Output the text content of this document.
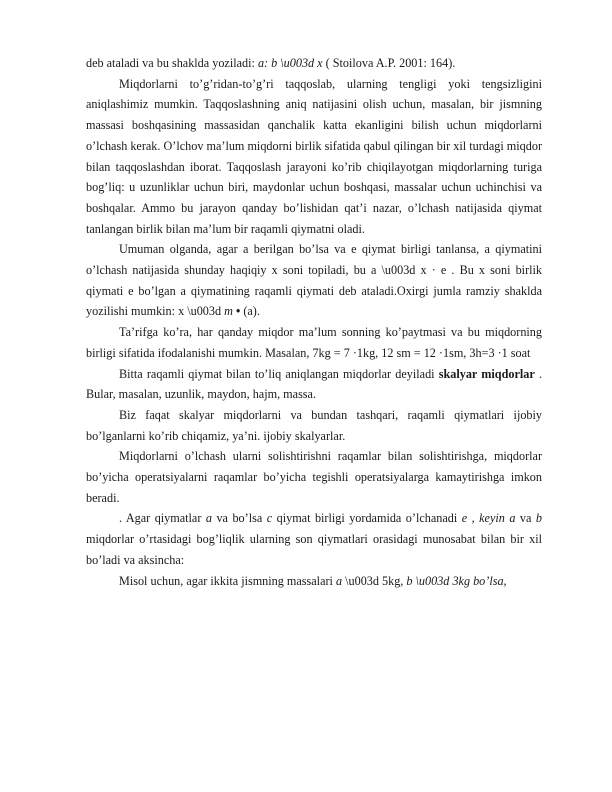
deb ataladi va bu shaklda yoziladi: a: b \u003d x ( Stoilova A.P. 2001: 164).

Miqdorlarni to’g’ridan-to’g’ri taqqoslab, ularning tengligi yoki tengsizligini aniqlashimiz mumkin. Taqqoslashning aniq natijasini olish uchun, masalan, bir jismning massasi boshqasining massasidan qanchalik katta ekanligini bilish uchun miqdorlarni o’lchash kerak. O’lchov ma’lum miqdorni birlik sifatida qabul qilingan bir xil turdagi miqdor bilan taqqoslashdan iborat. Taqqoslash jarayoni ko’rib chiqilayotgan miqdorlarning turiga bog’liq: u uzunliklar uchun biri, maydonlar uchun boshqasi, massalar uchun uchinchisi va boshqalar. Ammo bu jarayon qanday bo’lishidan qat’i nazar, o’lchash natijasida qiymat tanlangan birlik bilan ma’lum bir raqamli qiymatni oladi.

Umuman olganda, agar a berilgan bo’lsa va e qiymat birligi tanlansa, a qiymatini o’lchash natijasida shunday haqiqiy x soni topiladi, bu a \u003d x · e . Bu x soni birlik qiymati e bo’lgan a qiymatining raqamli qiymati deb ataladi.Oxirgi jumla ramziy shaklda yozilishi mumkin: x \u003d m • (a).

Ta’rifga ko’ra, har qanday miqdor ma’lum sonning ko’paytmasi va bu miqdorning birligi sifatida ifodalanishi mumkin. Masalan, 7kg = 7 ·1kg, 12 sm = 12 ·1sm, 3h=3 ·1 soat

Bitta raqamli qiymat bilan to’liq aniqlangan miqdorlar deyiladi skalyar miqdorlar . Bular, masalan, uzunlik, maydon, hajm, massa.

Biz faqat skalyar miqdorlarni va bundan tashqari, raqamli qiymatlari ijobiy bo’lganlarni ko’rib chiqamiz, ya’ni. ijobiy skalyarlar.

Miqdorlarni o’lchash ularni solishtirishni raqamlar bilan solishtirishga, miqdorlar bo’yicha operatsiyalarni raqamlar bo’yicha tegishli operatsiyalarga kamaytirishga imkon beradi.

. Agar qiymatlar a va bo’lsa c qiymat birligi yordamida o’lchanadi e , keyin a va b miqdorlar o’rtasidagi bog’liqlik ularning son qiymatlari orasidagi munosabat bilan bir xil bo’ladi va aksincha:

Misol uchun, agar ikkita jismning massalari a \u003d 5kg, b \u003d 3kg bo’lsa,
